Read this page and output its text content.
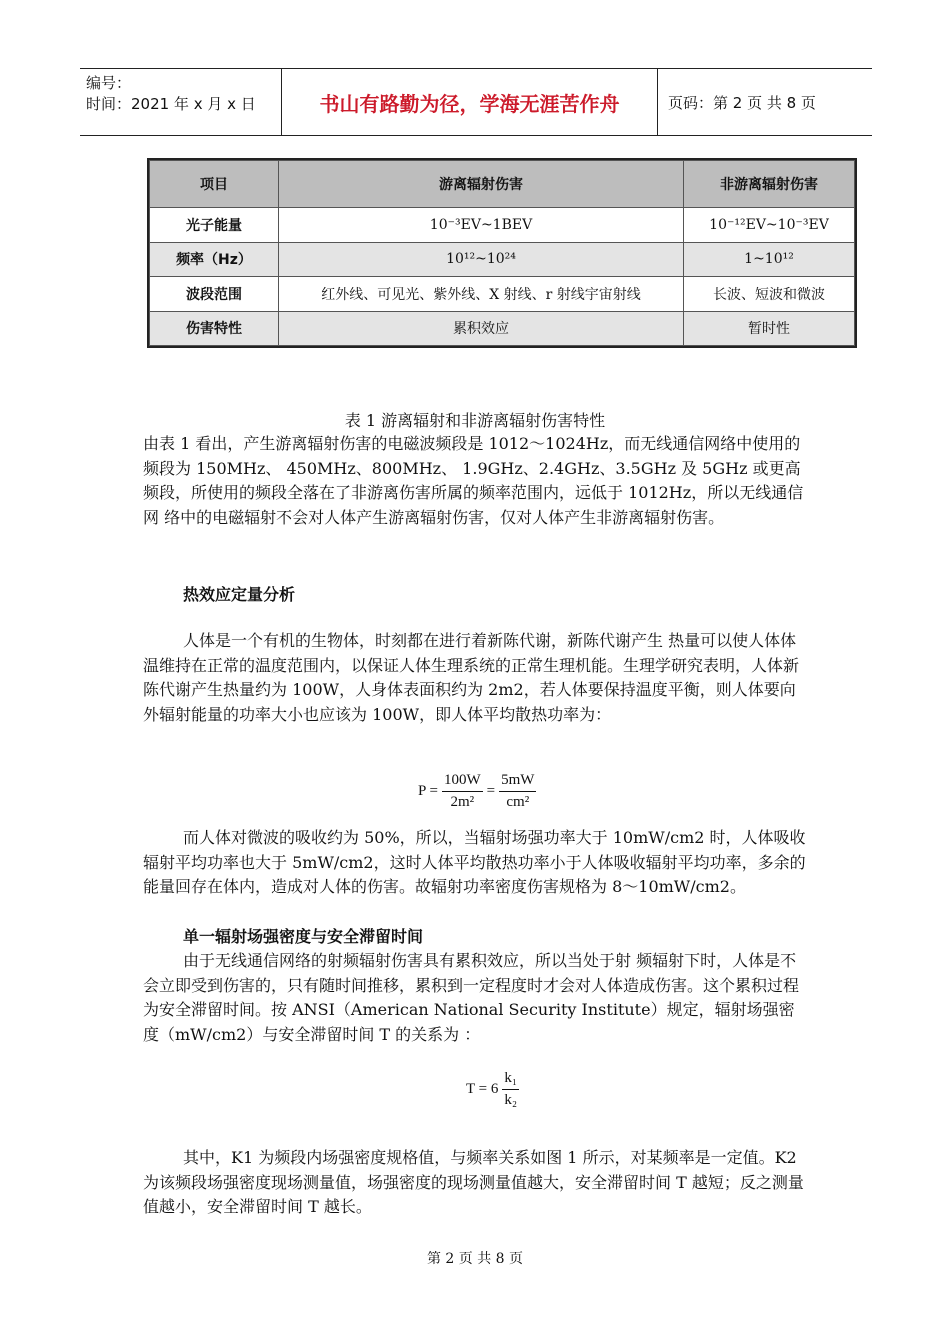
编号：
时间：2021 年 x 月 x 日	书山有路勤为径，学海无涯苦作舟	页码：第 2 页 共 8 页
项目	游离辐射伤害	非游离辐射伤害
光子能量	10⁻³EV~1BEV	10⁻¹²EV~10⁻³EV
频率（Hz）	10¹²~10²⁴	1~10¹²
波段范围	红外线、可见光、紫外线、X 射线、r 射线宇宙射线	长波、短波和微波
伤害特性	累积效应	暂时性
表 1 游离辐射和非游离辐射伤害特性
由表 1 看出，产生游离辐射伤害的电磁波频段是 1012～1024Hz，而无线通信网络中使用的频段为 150MHz、 450MHz、800MHz、 1.9GHz、2.4GHz、3.5GHz 及 5GHz 或更高频段，所使用的频段全落在了非游离伤害所属的频率范围内，远低于 1012Hz，所以无线通信网 络中的电磁辐射不会对人体产生游离辐射伤害，仅对人体产生非游离辐射伤害。
热效应定量分析
人体是一个有机的生物体，时刻都在进行着新陈代谢，新陈代谢产生 热量可以使人体体温维持在正常的温度范围内，以保证人体生理系统的正常生理机能。生理学研究表明，人体新陈代谢产生热量约为 100W，人身体表面积约为 2m2，若人体要保持温度平衡，则人体要向外辐射能量的功率大小也应该为 100W，即人体平均散热功率为：
$P = \frac{100W}{\text{2m²}} = \frac{5mW}{\text{cm²}}$
而人体对微波的吸收约为 50%，所以，当辐射场强功率大于 10mW/cm2 时，人体吸收辐射平均功率也大于 5mW/cm2，这时人体平均散热功率小于人体吸收辐射平均功率，多余的能量回存在体内，造成对人体的伤害。故辐射功率密度伤害规格为 8～10mW/cm2。
单一辐射场强密度与安全滞留时间
由于无线通信网络的射频辐射伤害具有累积效应，所以当处于射 频辐射下时，人体是不会立即受到伤害的，只有随时间推移，累积到一定程度时才会对人体造成伤害。这个累积过程为安全滞留时间。按 ANSI（American National Security Institute）规定，辐射场强密度（mW/cm2）与安全滞留时间 T 的关系为 ：
$T = 6 \frac{\text{k₁}}{\text{k₂}}$
其中，K1 为频段内场强密度规格值，与频率关系如图 1 所示，对某频率是一定值。K2 为该频段场强密度现场测量值，场强密度的现场测量值越大，安全滞留时间 T 越短；反之测量值越小，安全滞留时间 T 越长。
第 2 页 共 8 页
